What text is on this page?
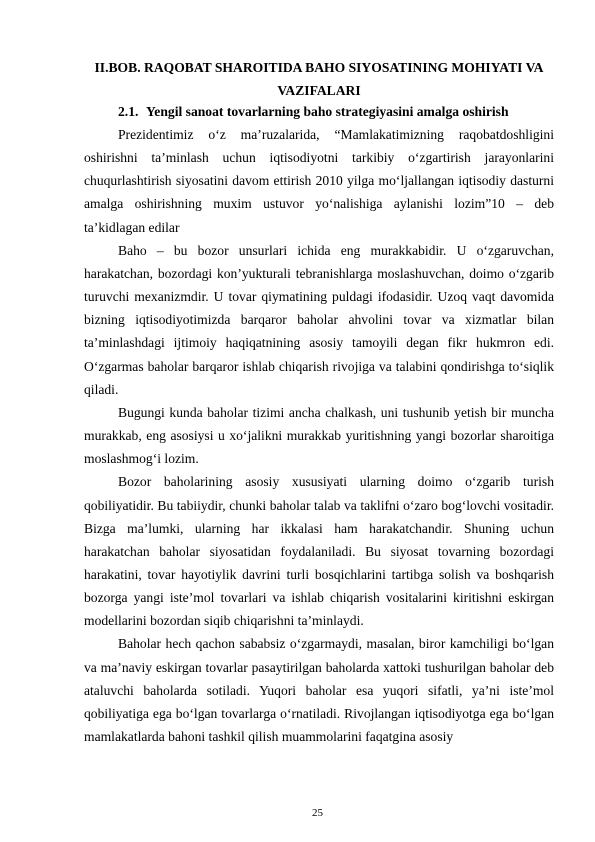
II.BOB. RAQOBAT SHAROITIDA BAHO SIYOSATINING MOHIYATI VA VAZIFALARI
2.1. Yengil sanoat tovarlarning baho strategiyasini amalga oshirish

Prezidentimiz o‘z ma’ruzalarida, “Mamlakatimizning raqobatdoshligini oshirishni ta’minlash uchun iqtisodiyotni tarkibiy o‘zgartirish jarayonlarini chuqurlashtirish siyosatini davom ettirish 2010 yilga mo‘ljallangan iqtisodiy dasturni amalga oshirishning muxim ustuvor yo‘nalishiga aylanishi lozim”10 – deb ta’kidlagan edilar

Baho – bu bozor unsurlari ichida eng murakkabidir. U o‘zgaruvchan, harakatchan, bozordagi kon’yukturali tebranishlarga moslashuvchan, doimo o‘zgarib turuvchi mexanizmdir. U tovar qiymatining puldagi ifodasidir. Uzoq vaqt davomida bizning iqtisodiyotimizda barqaror baholar ahvolini tovar va xizmatlar bilan ta’minlashdagi ijtimoiy haqiqatnining asosiy tamoyili degan fikr hukmron edi. O‘zgarmas baholar barqaror ishlab chiqarish rivojiga va talabini qondirishga to‘siqlik qiladi.

Bugungi kunda baholar tizimi ancha chalkash, uni tushunib yetish bir muncha murakkab, eng asosiysi u xo‘jalikni murakkab yuritishning yangi bozorlar sharoitiga moslashmog‘i lozim.

Bozor baholarining asosiy xususiyati ularning doimo o‘zgarib turish qobiliyatidir. Bu tabiiydir, chunki baholar talab va taklifni o‘zaro bog‘lovchi vositadir. Bizga ma’lumki, ularning har ikkalasi ham harakatchandir. Shuning uchun harakatchan baholar siyosatidan foydalaniladi. Bu siyosat tovarning bozordagi harakatini, tovar hayotiylik davrini turli bosqichlarini tartibga solish va boshqarish bozorga yangi iste’mol tovarlari va ishlab chiqarish vositalarini kiritishni eskirgan modellarini bozordan siqib chiqarishni ta’minlaydi.

Baholar hech qachon sababsiz o‘zgarmaydi, masalan, biror kamchiligi bo‘lgan va ma’naviy eskirgan tovarlar pasaytirilgan baholarda xattoki tushurilgan baholar deb ataluvchi baholarda sotiladi. Yuqori baholar esa yuqori sifatli, ya’ni iste’mol qobiliyatiga ega bo‘lgan tovarlarga o‘rnatiladi. Rivojlangan iqtisodiyotga ega bo‘lgan mamlakatlarda bahoni tashkil qilish muammolarini faqatgina asosiy

25
